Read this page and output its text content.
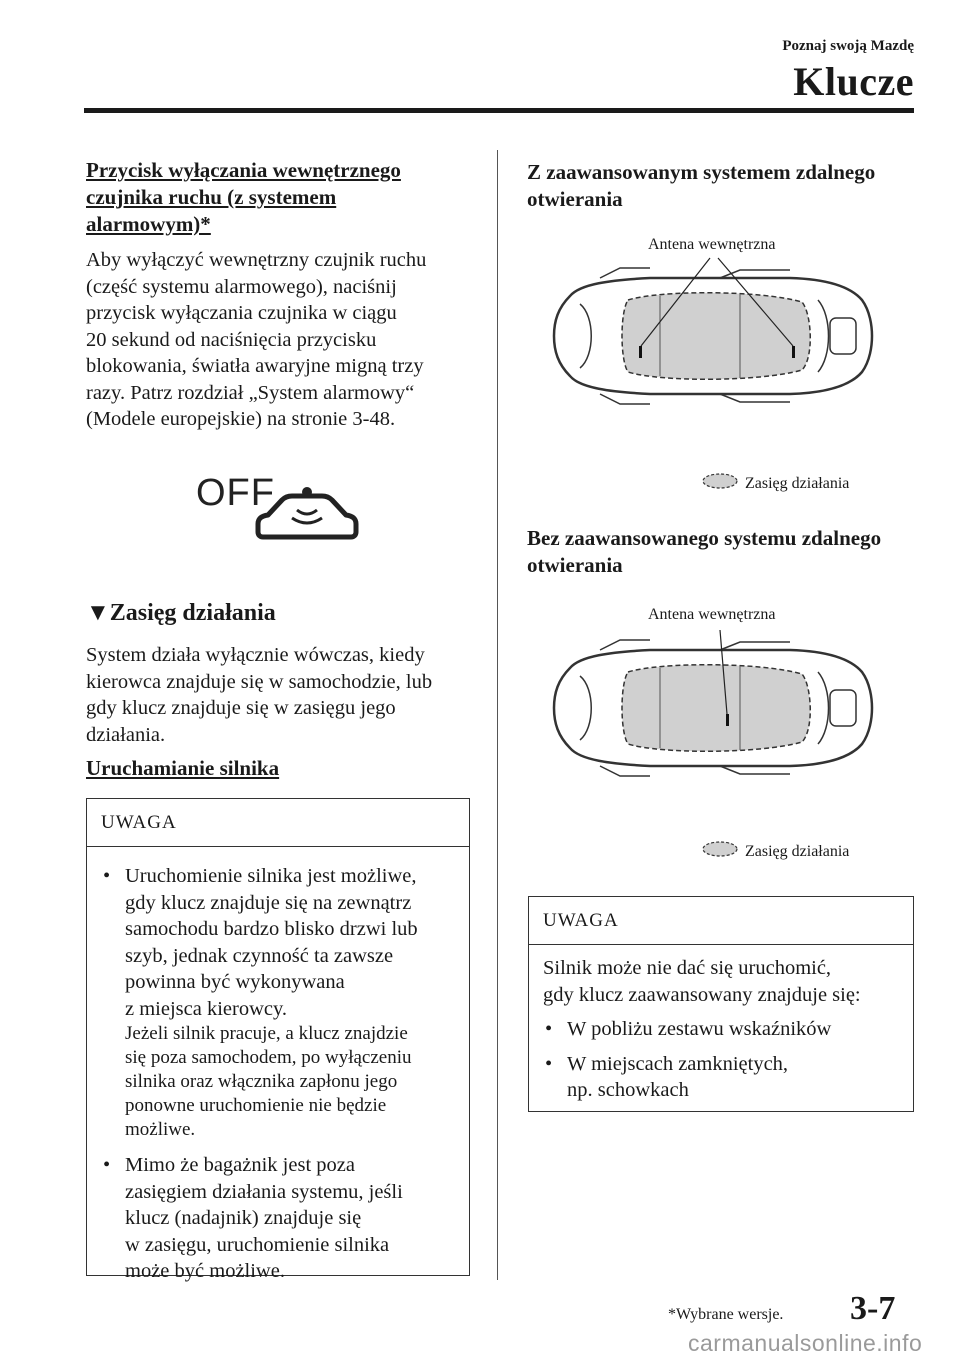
Poznaj swoją Mazdę
Klucze
Przycisk wyłączania wewnętrznego
czujnika ruchu (z systemem
alarmowym)*

Aby wyłączyć wewnętrzny czujnik ruchu

(część systemu alarmowego), naciśnij

przycisk wyłączania czujnika w ciągu

20 sekund od naciśnięcia przycisku

blokowania, światła awaryjne migną trzy

razy. Patrz rozdział „System alarmowy“

(Modele europejskie) na stronie 3-48.

OFF
▼Zasięg działania

System działa wyłącznie wówczas, kiedy

kierowca znajduje się w samochodzie, lub

gdy klucz znajduje się w zasięgu jego

działania.

Uruchamianie silnika
UWAGA
• Uruchomienie silnika jest możliwe,
gdy klucz znajduje się na zewnątrz
samochodu bardzo blisko drzwi lub
szyb, jednak czynność ta zawsze
powinna być wykonywana
z miejsca kierowcy.
Jeżeli silnik pracuje, a klucz znajdzie
się poza samochodem, po wyłączeniu
silnika oraz włącznika zapłonu jego
ponowne uruchomienie nie będzie
możliwe.
• Mimo że bagażnik jest poza
zasięgiem działania systemu, jeśli
klucz (nadajnik) znajduje się
w zasięgu, uruchomienie silnika
może być możliwe.
Z zaawansowanym systemem zdalnego
otwierania
Antena wewnętrzna
Zasięg działania
Bez zaawansowanego systemu zdalnego
otwierania
Antena wewnętrzna
Zasięg działania
UWAGA
Silnik może nie dać się uruchomić,
gdy klucz zaawansowany znajduje się:
• W pobliżu zestawu wskaźników
• W miejscach zamkniętych,
np. schowkach
*Wybrane wersje. 3-7
carmanualsonline.info
